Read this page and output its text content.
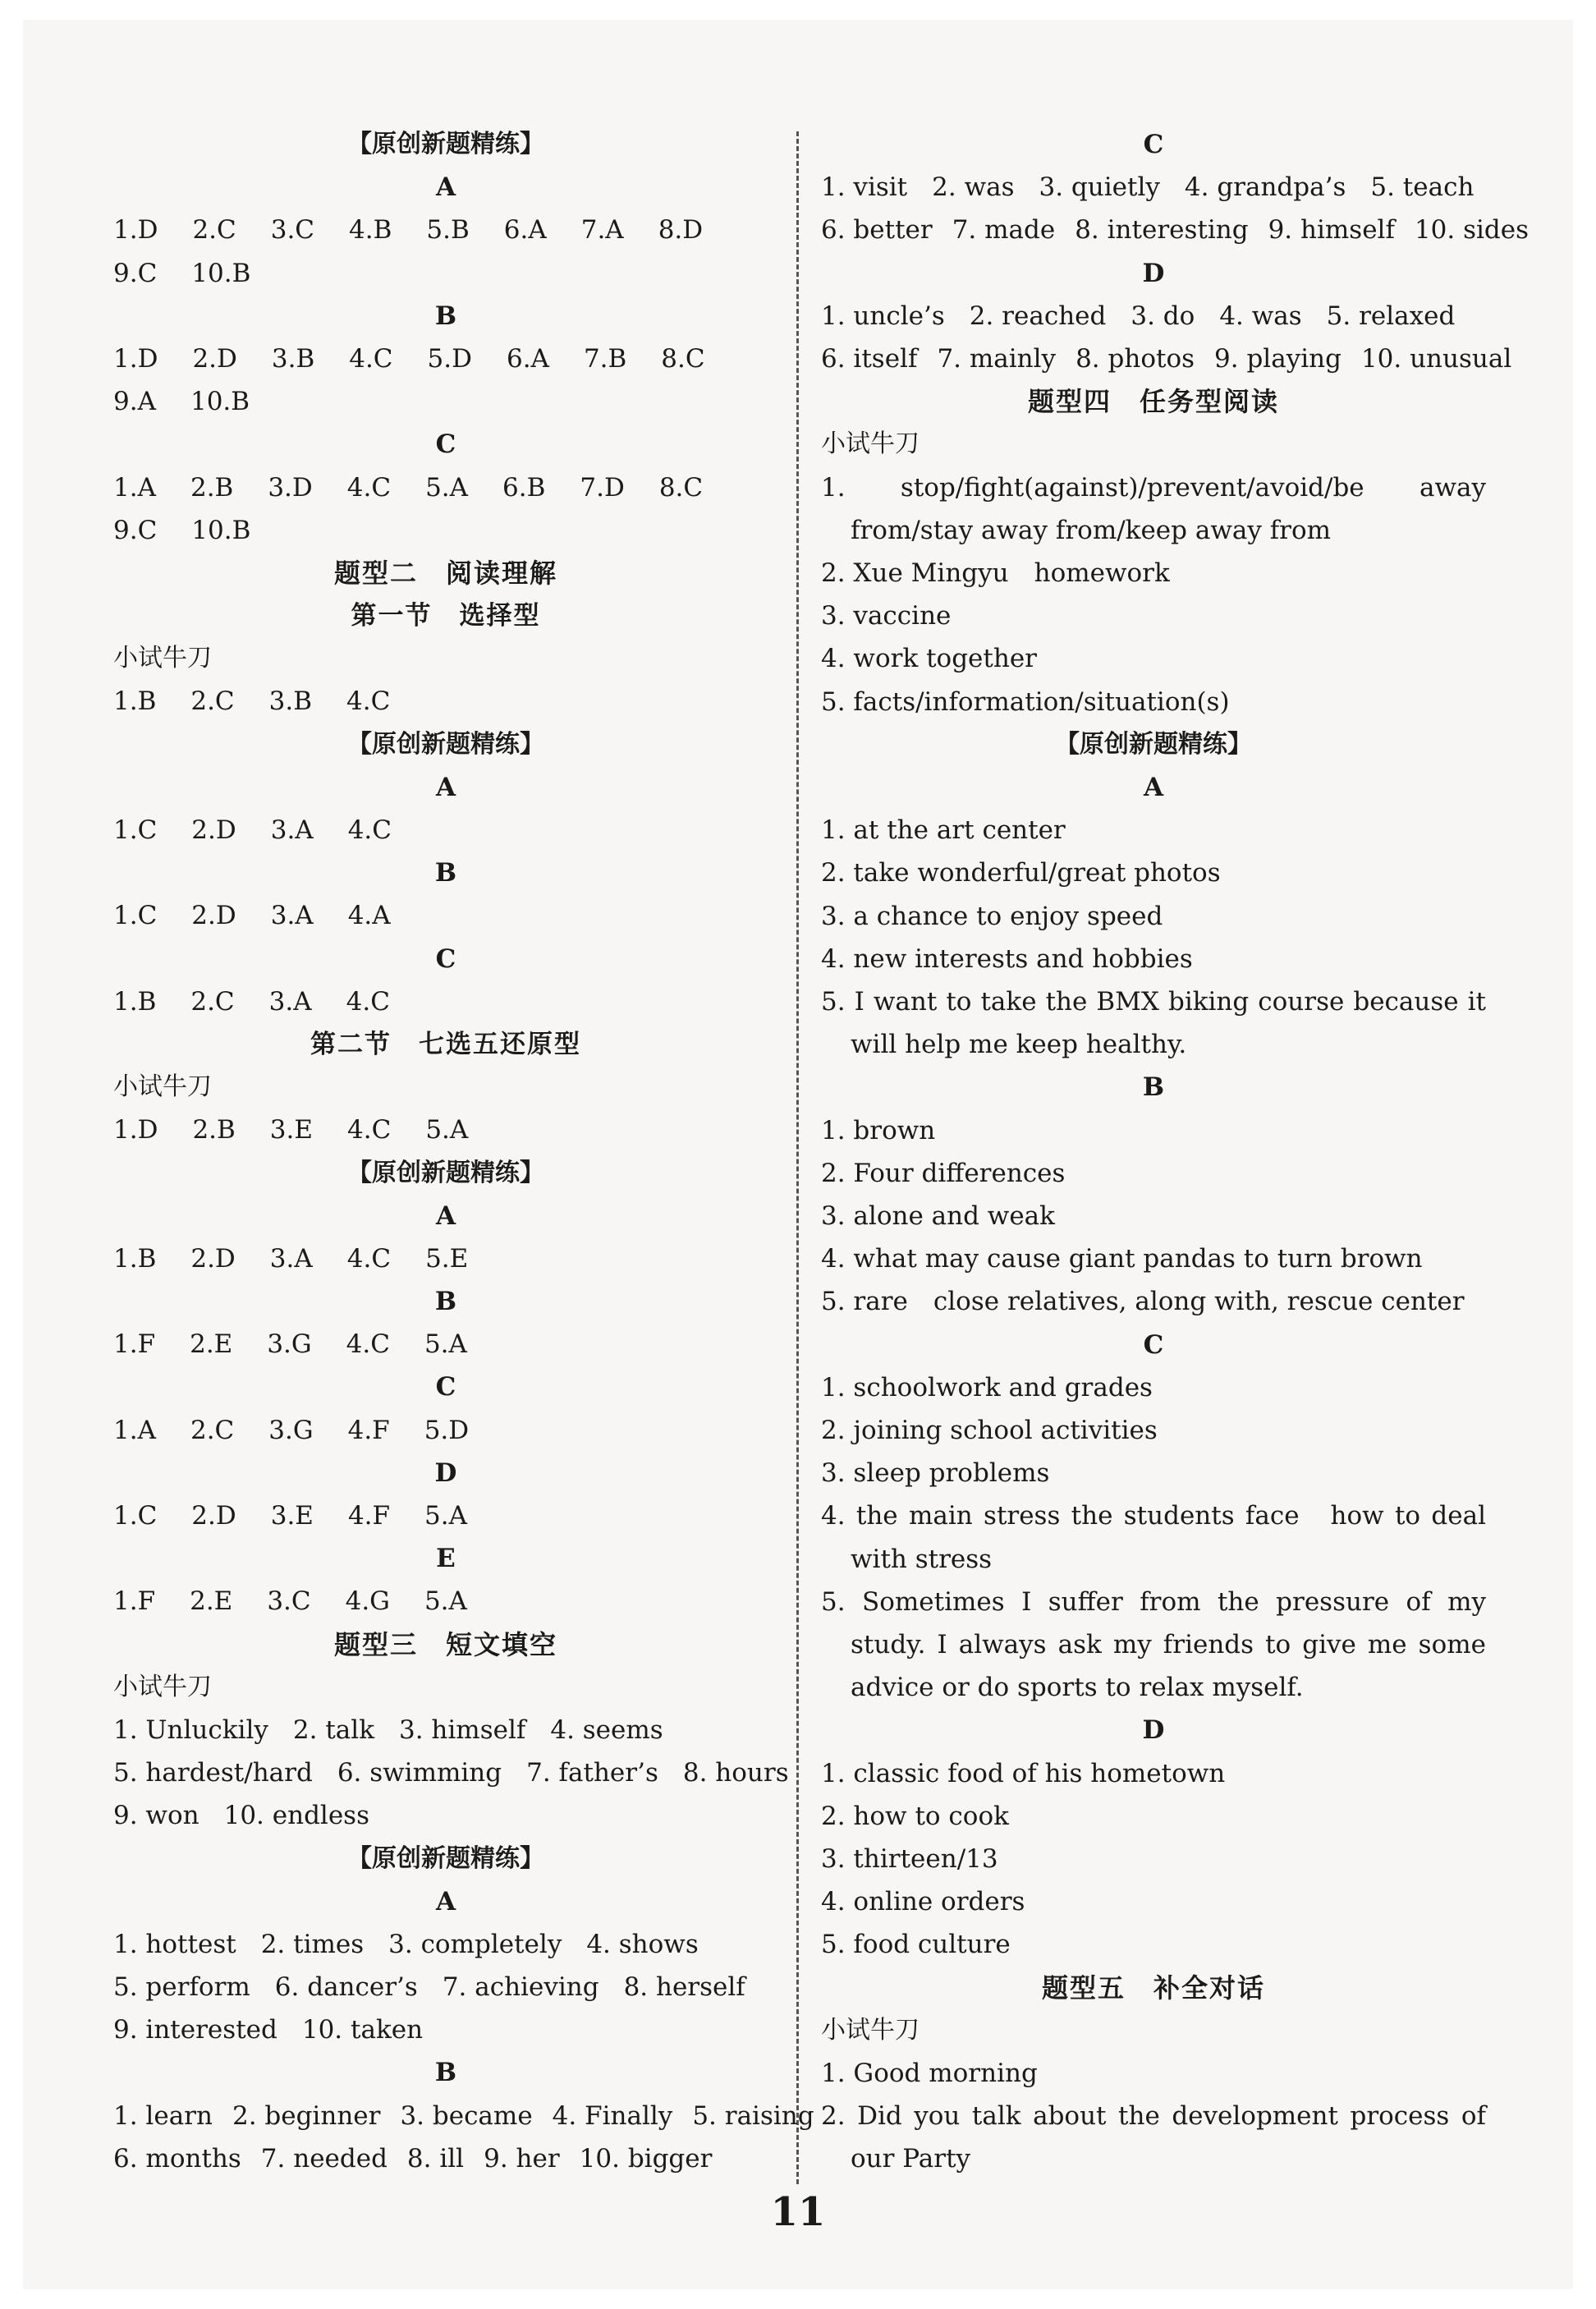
【原创新题精练】
A
1.D 2.C 3.C 4.B 5.B 6.A 7.A 8.D
9.C 10.B
B
1.D 2.D 3.B 4.C 5.D 6.A 7.B 8.C
9.A 10.B
C
1.A 2.B 3.D 4.C 5.A 6.B 7.D 8.C
9.C 10.B
题型二　阅读理解
第一节　选择型
小试牛刀
1.B 2.C 3.B 4.C
【原创新题精练】
A
1.C 2.D 3.A 4.C
B
1.C 2.D 3.A 4.A
C
1.B 2.C 3.A 4.C
第二节　七选五还原型
小试牛刀
1.D 2.B 3.E 4.C 5.A
【原创新题精练】
A
1.B 2.D 3.A 4.C 5.E
B
1.F 2.E 3.G 4.C 5.A
C
1.A 2.C 3.G 4.F 5.D
D
1.C 2.D 3.E 4.F 5.A
E
1.F 2.E 3.C 4.G 5.A
题型三　短文填空
小试牛刀
1. Unluckily 2. talk 3. himself 4. seems
5. hardest/hard 6. swimming 7. father’s 8. hours
9. won 10. endless
【原创新题精练】
A
1. hottest 2. times 3. completely 4. shows
5. perform 6. dancer’s 7. achieving 8. herself
9. interested 10. taken
B
1. learn 2. beginner 3. became 4. Finally 5. raising
6. months 7. needed 8. ill 9. her 10. bigger
C
1. visit 2. was 3. quietly 4. grandpa’s 5. teach
6. better 7. made 8. interesting 9. himself 10. sides
D
1. uncle’s 2. reached 3. do 4. was 5. relaxed
6. itself 7. mainly 8. photos 9. playing 10. unusual
题型四　任务型阅读
小试牛刀
1. stop/fight(against)/prevent/avoid/be away from/stay away from/keep away from
2. Xue Mingyu　homework
3. vaccine
4. work together
5. facts/information/situation(s)
【原创新题精练】
A
1. at the art center
2. take wonderful/great photos
3. a chance to enjoy speed
4. new interests and hobbies
5. I want to take the BMX biking course because it will help me keep healthy.
B
1. brown
2. Four differences
3. alone and weak
4. what may cause giant pandas to turn brown
5. rare　close relatives, along with, rescue center
C
1. schoolwork and grades
2. joining school activities
3. sleep problems
4. the main stress the students face　how to deal with stress
5. Sometimes I suffer from the pressure of my study. I always ask my friends to give me some advice or do sports to relax myself.
D
1. classic food of his hometown
2. how to cook
3. thirteen/13
4. online orders
5. food culture
题型五　补全对话
小试牛刀
1. Good morning
2. Did you talk about the development process of our Party
11
